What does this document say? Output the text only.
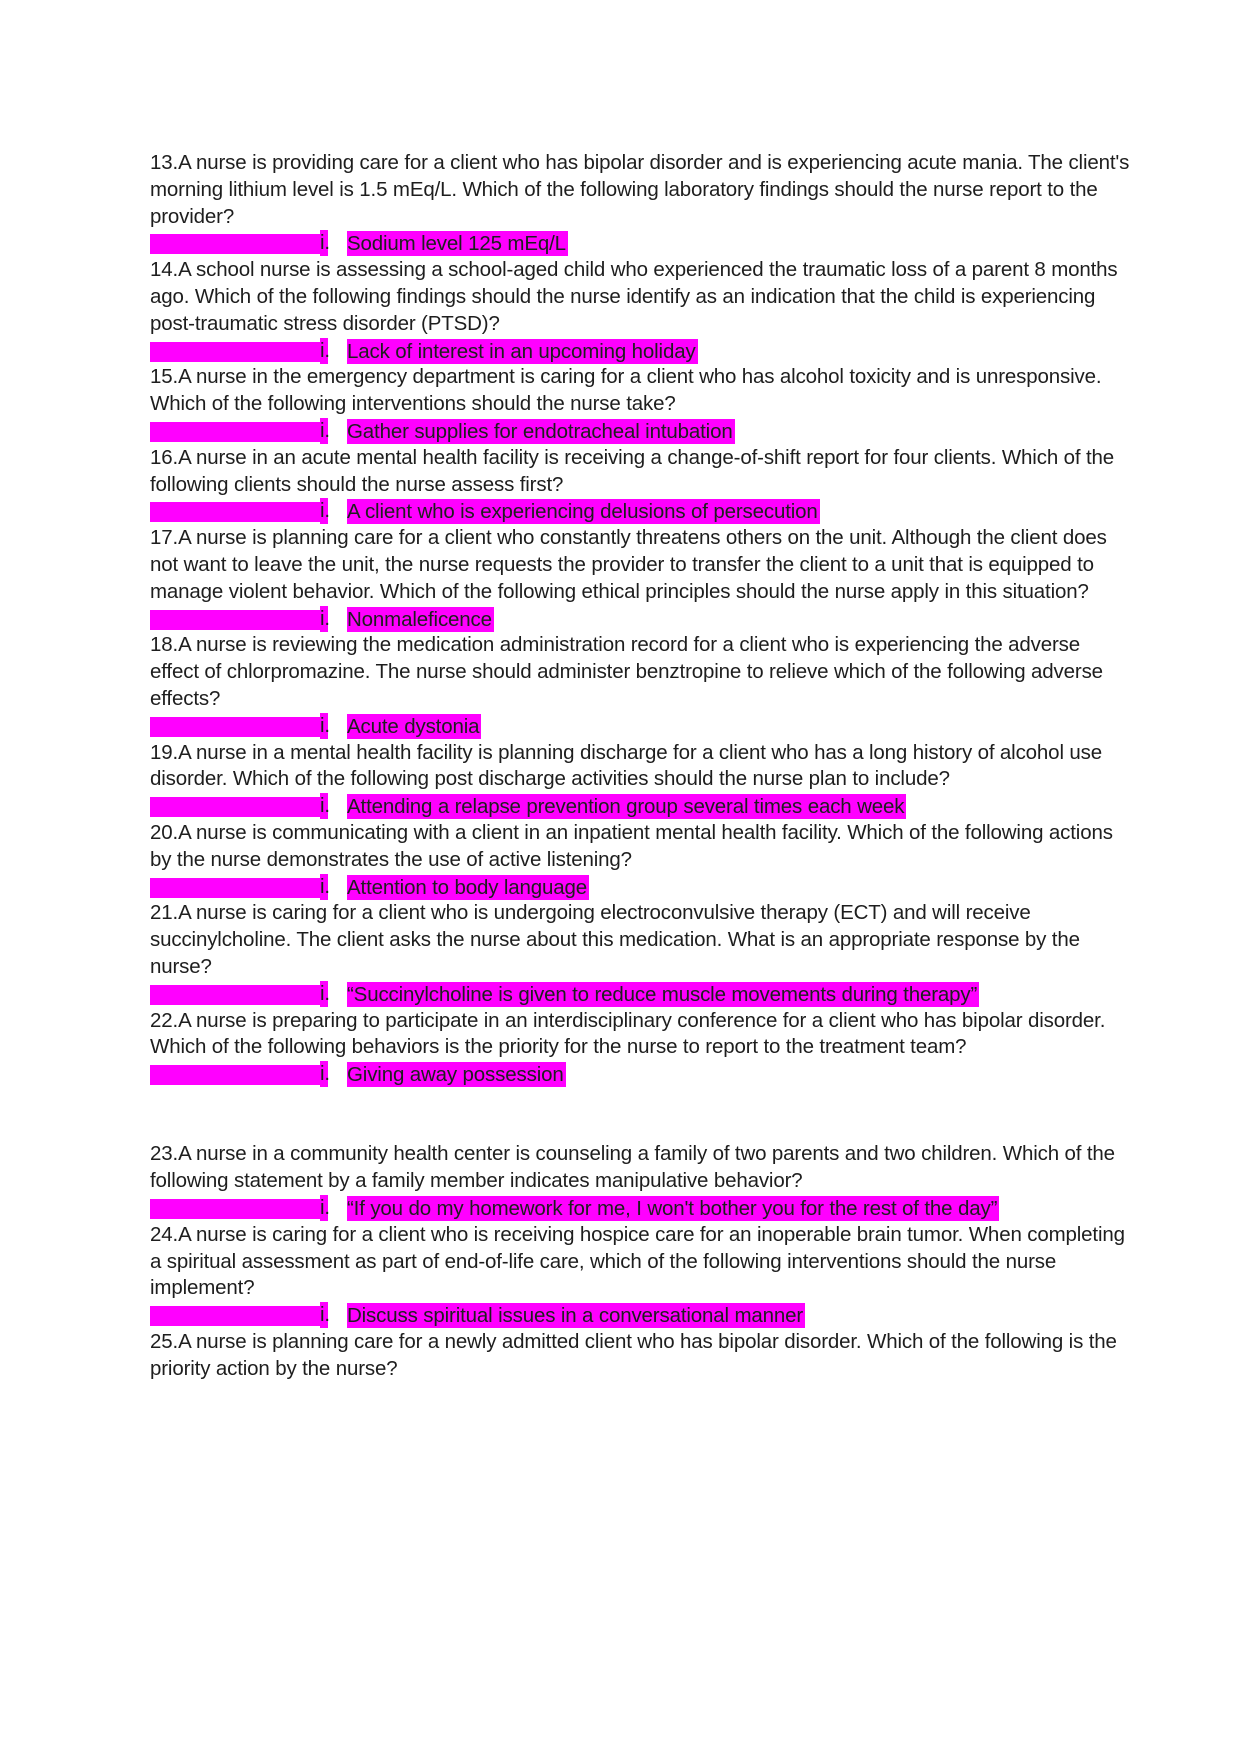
13.A nurse is providing care for a client who has bipolar disorder and is experiencing acute mania. The client's morning lithium level is 1.5 mEq/L. Which of the following laboratory findings should the nurse report to the provider?

i. Sodium level 125 mEq/L

14.A school nurse is assessing a school-aged child who experienced the traumatic loss of a parent 8 months ago. Which of the following findings should the nurse identify as an indication that the child is experiencing post-traumatic stress disorder (PTSD)?

i. Lack of interest in an upcoming holiday

15.A nurse in the emergency department is caring for a client who has alcohol toxicity and is unresponsive. Which of the following interventions should the nurse take?

i. Gather supplies for endotracheal intubation

16.A nurse in an acute mental health facility is receiving a change-of-shift report for four clients. Which of the following clients should the nurse assess first?

i. A client who is experiencing delusions of persecution

17.A nurse is planning care for a client who constantly threatens others on the unit. Although the client does not want to leave the unit, the nurse requests the provider to transfer the client to a unit that is equipped to manage violent behavior. Which of the following ethical principles should the nurse apply in this situation?

i. Nonmaleficence

18.A nurse is reviewing the medication administration record for a client who is experiencing the adverse effect of chlorpromazine. The nurse should administer benztropine to relieve which of the following adverse effects?

i. Acute dystonia

19.A nurse in a mental health facility is planning discharge for a client who has a long history of alcohol use disorder. Which of the following post discharge activities should the nurse plan to include?

i. Attending a relapse prevention group several times each week

20.A nurse is communicating with a client in an inpatient mental health facility. Which of the following actions by the nurse demonstrates the use of active listening?

i. Attention to body language

21.A nurse is caring for a client who is undergoing electroconvulsive therapy (ECT) and will receive succinylcholine. The client asks the nurse about this medication. What is an appropriate response by the nurse?

i. “Succinylcholine is given to reduce muscle movements during therapy”

22.A nurse is preparing to participate in an interdisciplinary conference for a client who has bipolar disorder. Which of the following behaviors is the priority for the nurse to report to the treatment team?

i. Giving away possession

23.A nurse in a community health center is counseling a family of two parents and two children. Which of the following statement by a family member indicates manipulative behavior?

i. “If you do my homework for me, I won't bother you for the rest of the day”

24.A nurse is caring for a client who is receiving hospice care for an inoperable brain tumor. When completing a spiritual assessment as part of end-of-life care, which of the following interventions should the nurse implement?

i. Discuss spiritual issues in a conversational manner

25.A nurse is planning care for a newly admitted client who has bipolar disorder. Which of the following is the priority action by the nurse?
